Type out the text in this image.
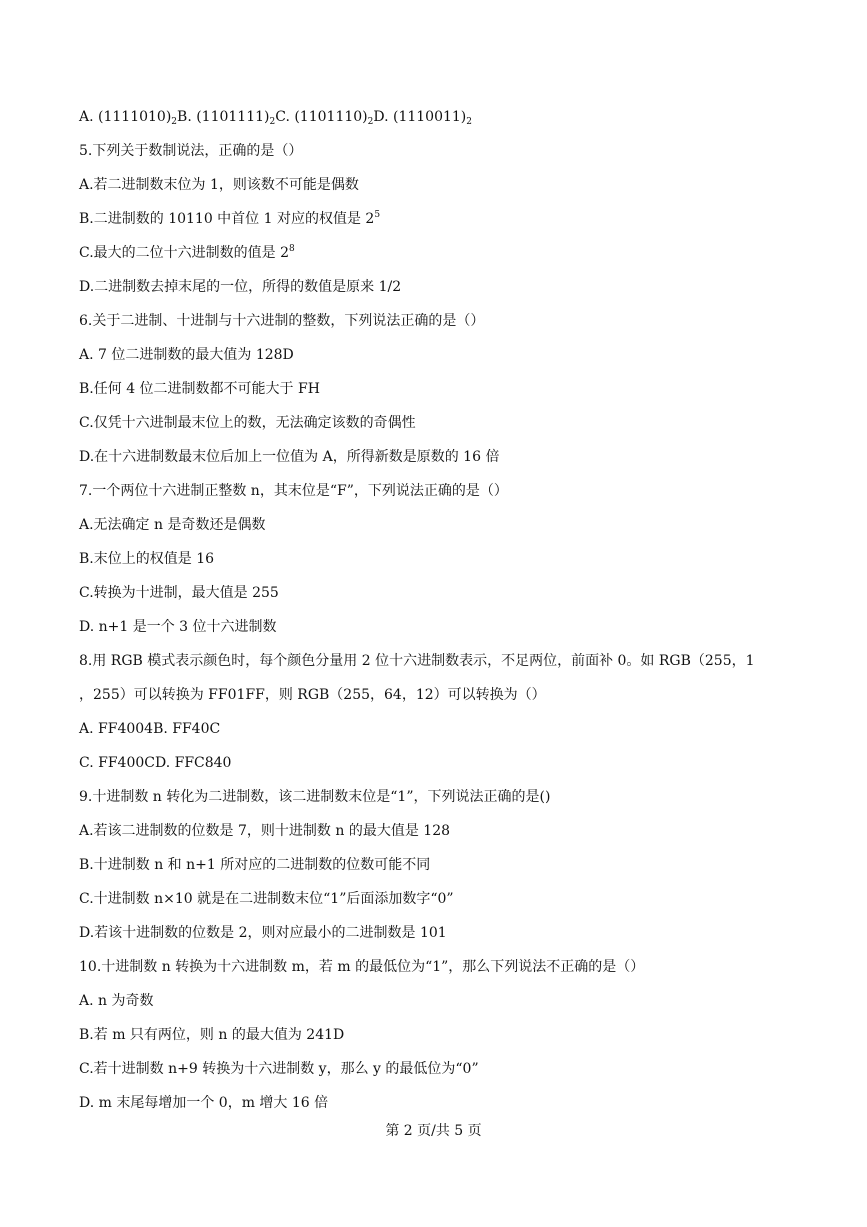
A. $(1111010)_2B$. $(1101111)_2C$. $(1101110)_2D$. $(1110011)_2$
5.下列关于数制说法，正确的是（）
A.若二进制数末位为 1，则该数不可能是偶数
B.二进制数的 10110 中首位 1 对应的权值是 $2^5$
C.最大的二位十六进制数的值是 $2^8$
D.二进制数去掉末尾的一位，所得的数值是原来 1/2
6.关于二进制、十进制与十六进制的整数，下列说法正确的是（）
A. 7 位二进制数的最大值为 128D
B.任何 4 位二进制数都不可能大于 FH
C.仅凭十六进制最末位上的数，无法确定该数的奇偶性
D.在十六进制数最末位后加上一位值为 A，所得新数是原数的 16 倍
7.一个两位十六进制正整数 n，其末位是“F”，下列说法正确的是（）
A.无法确定 n 是奇数还是偶数
B.末位上的权值是 16
C.转换为十进制，最大值是 255
D. n+1 是一个 3 位十六进制数
8.用 RGB 模式表示颜色时，每个颜色分量用 2 位十六进制数表示，不足两位，前面补 0。如 RGB（255，1
，255）可以转换为 FF01FF，则 RGB（255，64，12）可以转换为（）
A. FF4004B. FF40C
C. FF400CD. FFC840
9.十进制数 n 转化为二进制数，该二进制数末位是“1”，下列说法正确的是()
A.若该二进制数的位数是 7，则十进制数 n 的最大值是 128
B.十进制数 n 和 n+1 所对应的二进制数的位数可能不同
C.十进制数 n×10 就是在二进制数末位“1”后面添加数字“0”
D.若该十进制数的位数是 2，则对应最小的二进制数是 101
10.十进制数 n 转换为十六进制数 m，若 m 的最低位为“1”，那么下列说法不正确的是（）
A. n 为奇数
B.若 m 只有两位，则 n 的最大值为 241D
C.若十进制数 n+9 转换为十六进制数 y，那么 y 的最低位为“0”
D. m 末尾每增加一个 0，m 增大 16 倍
第 2 页/共 5 页
